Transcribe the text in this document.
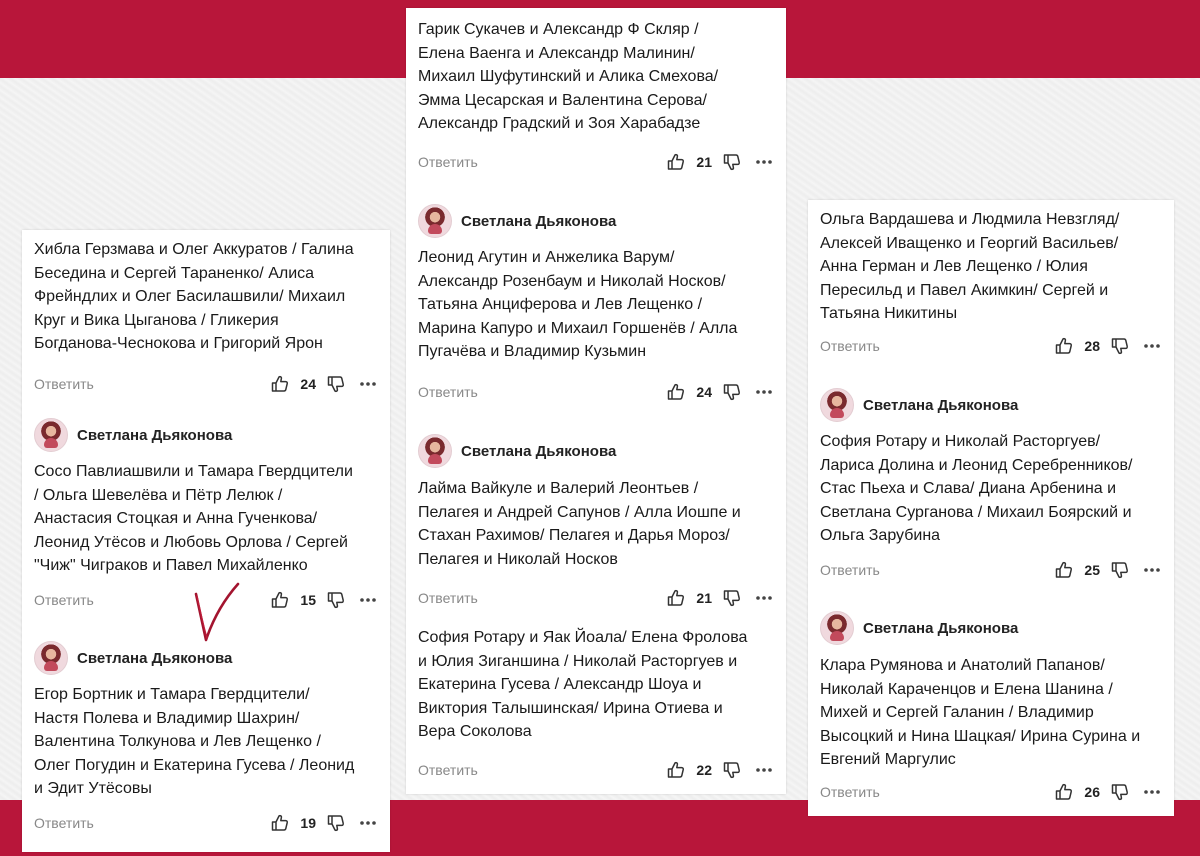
Хибла Герзмава и Олег Аккуратов / Галина
Бесединa и Сергей Тараненко/ Алиса
Фрейндлих и Олег Басилашвили/ Михаил
Круг и Вика Цыганова / Гликерия
Богданова-Чеснокова и Григорий Ярон
Ответить	24
Светлана Дьяконова
Сосо Павлиашвили и Тамара Гвердцители
/ Ольга Шевелёва и Пётр Лелюк /
Анастасия Стоцкая и Анна Гученкова/
Леонид Утёсов и Любовь Орлова / Сергей
"Чиж" Чиграков и Павел Михайленко
Ответить	15
Светлана Дьяконова
Егор Бортник и Тамара Гвердцители/
Настя Полева и Владимир Шахрин/
Валентина Толкунова и Лев Лещенко /
Олег Погудин и Екатерина Гусева / Леонид
и Эдит Утёсовы
Ответить	19
Гарик Сукачев и Александр Ф Скляр /
Елена Ваенга и Александр Малинин/
Михаил Шуфутинский и Алика Смехова/
Эмма Цесарская и Валентина Серова/
Александр Градский и Зоя Харабадзе
Ответить	21
Светлана Дьяконова
Леонид Агутин и Анжелика Варум/
Александр Розенбаум и Николай Носков/
Татьяна Анциферова и Лев Лещенко /
Марина Капуро и Михаил Горшенёв / Алла
Пугачёва и Владимир Кузьмин
Ответить	24
Светлана Дьяконова
Лайма Вайкуле и Валерий Леонтьев /
Пелагея и Андрей Сапунов / Алла Иошпе и
Стахан Рахимов/ Пелагея и Дарья Мороз/
Пелагея и Николай Носков
Ответить	21
София Ротару и Яак Йоала/ Елена Фролова
и Юлия Зиганшина / Николай Расторгуев и
Екатерина Гусева / Александр Шоуа и
Виктория Талышинская/ Ирина Отиева и
Вера Соколова
Ответить	22
Ольга Вардашева и Людмила Невзгляд/
Алексей Иващенко и Георгий Васильев/
Анна Герман и Лев Лещенко / Юлия
Пересильд и Павел Акимкин/ Сергей и
Татьяна Никитины
Ответить	28
Светлана Дьяконова
София Ротару и Николай Расторгуев/
Лариса Долина и Леонид Серебренников/
Стас Пьеха и Слава/ Диана Арбенина и
Светлана Сурганова / Михаил Боярский и
Ольга Зарубина
Ответить	25
Светлана Дьяконова
Клара Румянова и Анатолий Папанов/
Николай Караченцов и Елена Шанина /
Михей и Сергей Галанин / Владимир
Высоцкий и Нина Шацкая/ Ирина Сурина и
Евгений Маргулис
Ответить	26
